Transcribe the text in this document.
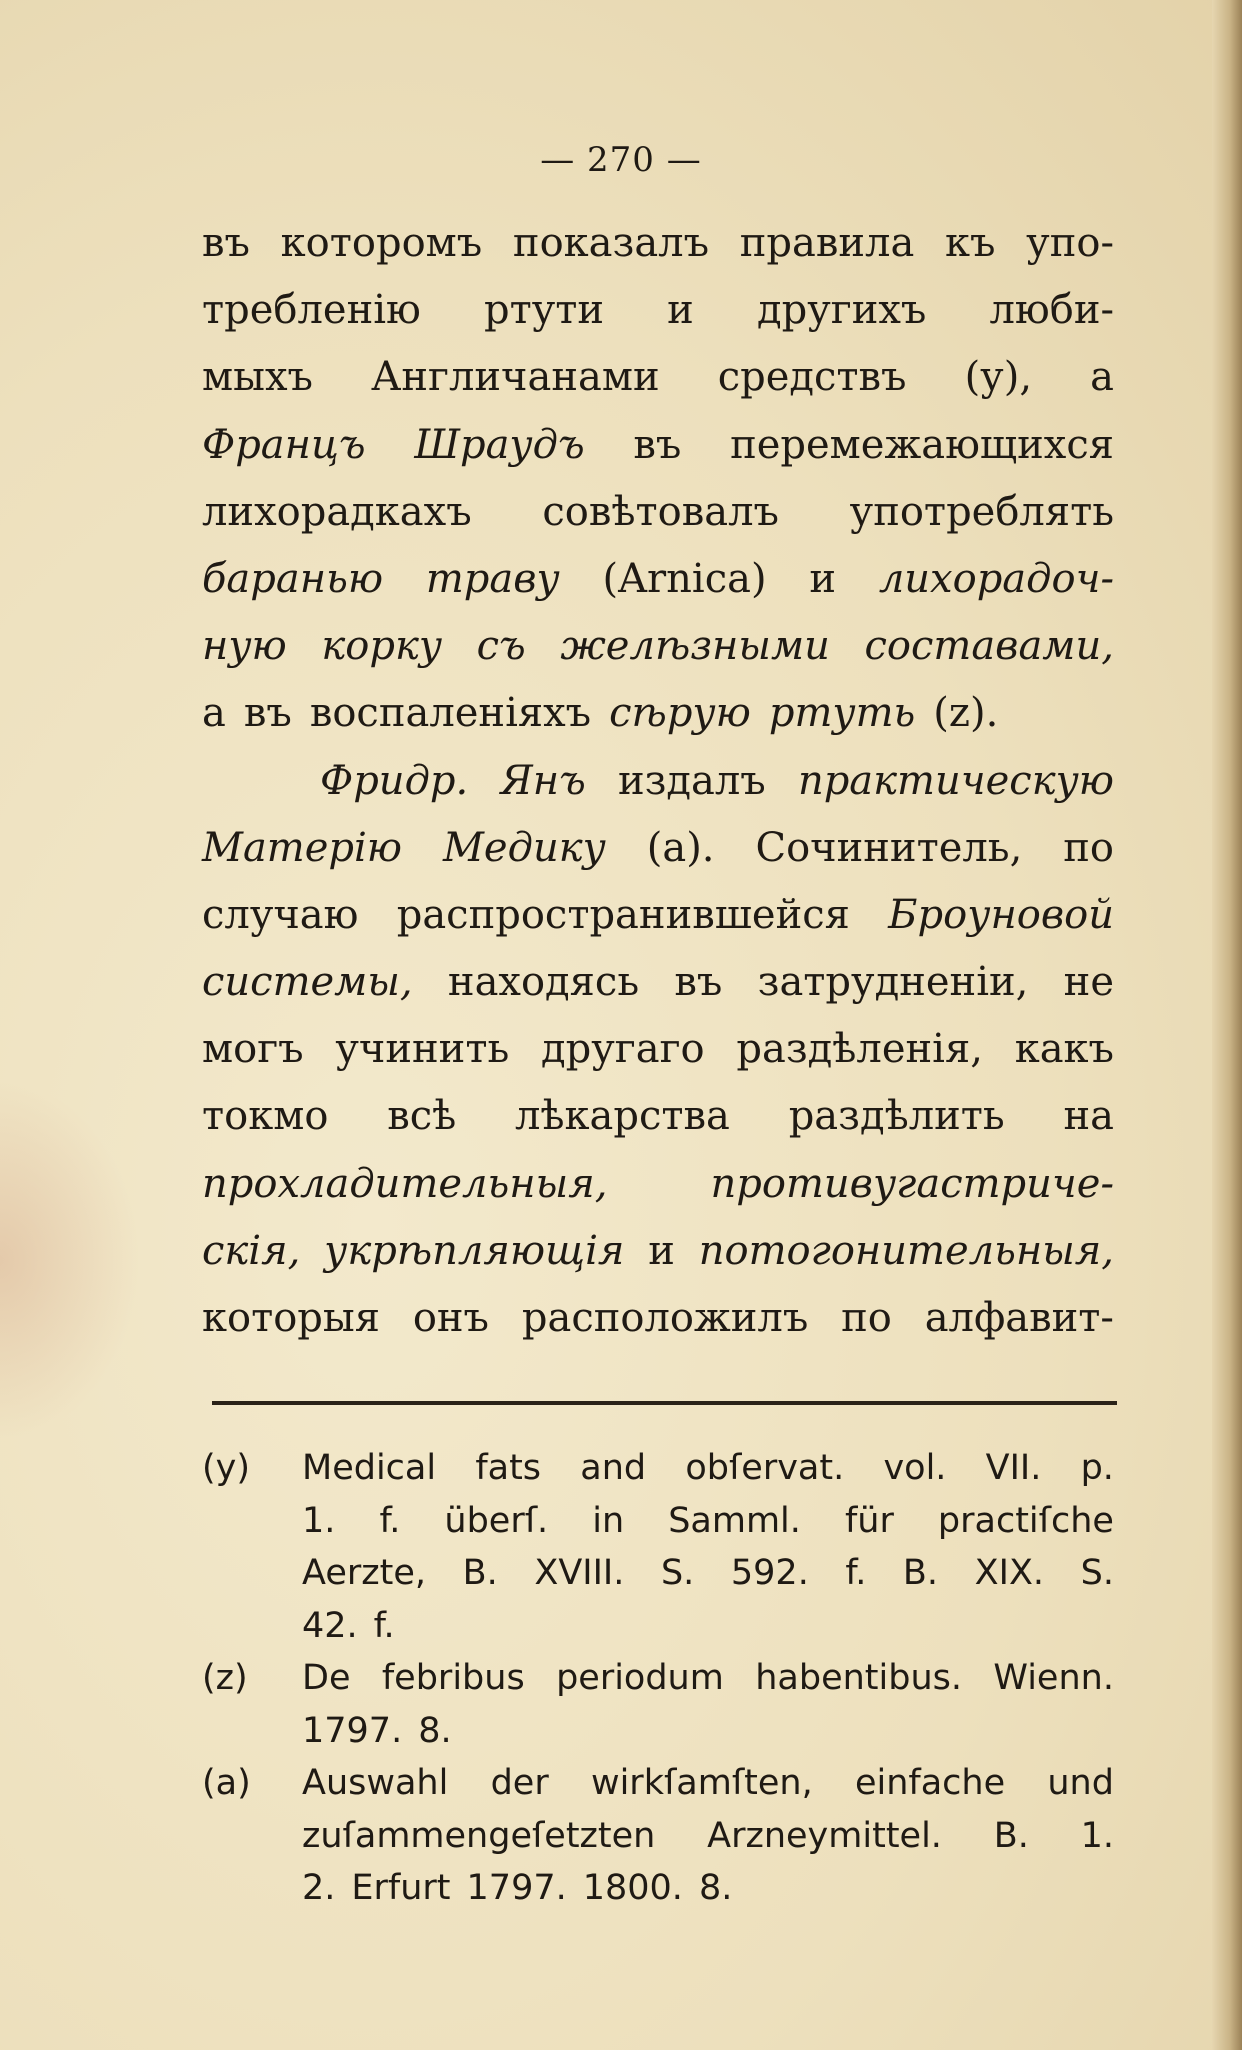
— 270 —
въ которомъ показалъ правила къ упо-
требленію ртути и другихъ люби-
мыхъ Англичанами средствъ (у), а
Францъ Шраудъ въ перемежающихся
лихорадкахъ совѣтовалъ употреблять
баранью траву (Arnica) и лихорадоч-
ную корку съ желѣзными составами,
а въ воспаленіяхъ сѣрую ртуть (z).
Фридр. Янъ издалъ практическую
Матерію Медику (а). Сочинитель, по
случаю распространившейся Броуновой
системы, находясь въ затрудненіи, не
могъ учинить другаго раздѣленія, какъ
токмо всѣ лѣкарства раздѣлить на
прохладительныя,	противугастриче-
скія, укрѣпляющія и потогонительныя,
которыя онъ расположилъ по алфавит-
(y) Medical fats and obſervat. vol. VII. p.
1. f. überſ. in Samml. für practiſche
Aerzte, B. XVIII. S. 592. f. B. XIX. S.
42. f.
(z) De febribus periodum habentibus. Wienn.
1797. 8.
(a) Auswahl der wirkſamſten, einfache und
zuſammengeſetzten Arzneymittel. B. 1.
2. Erfurt 1797. 1800. 8.
